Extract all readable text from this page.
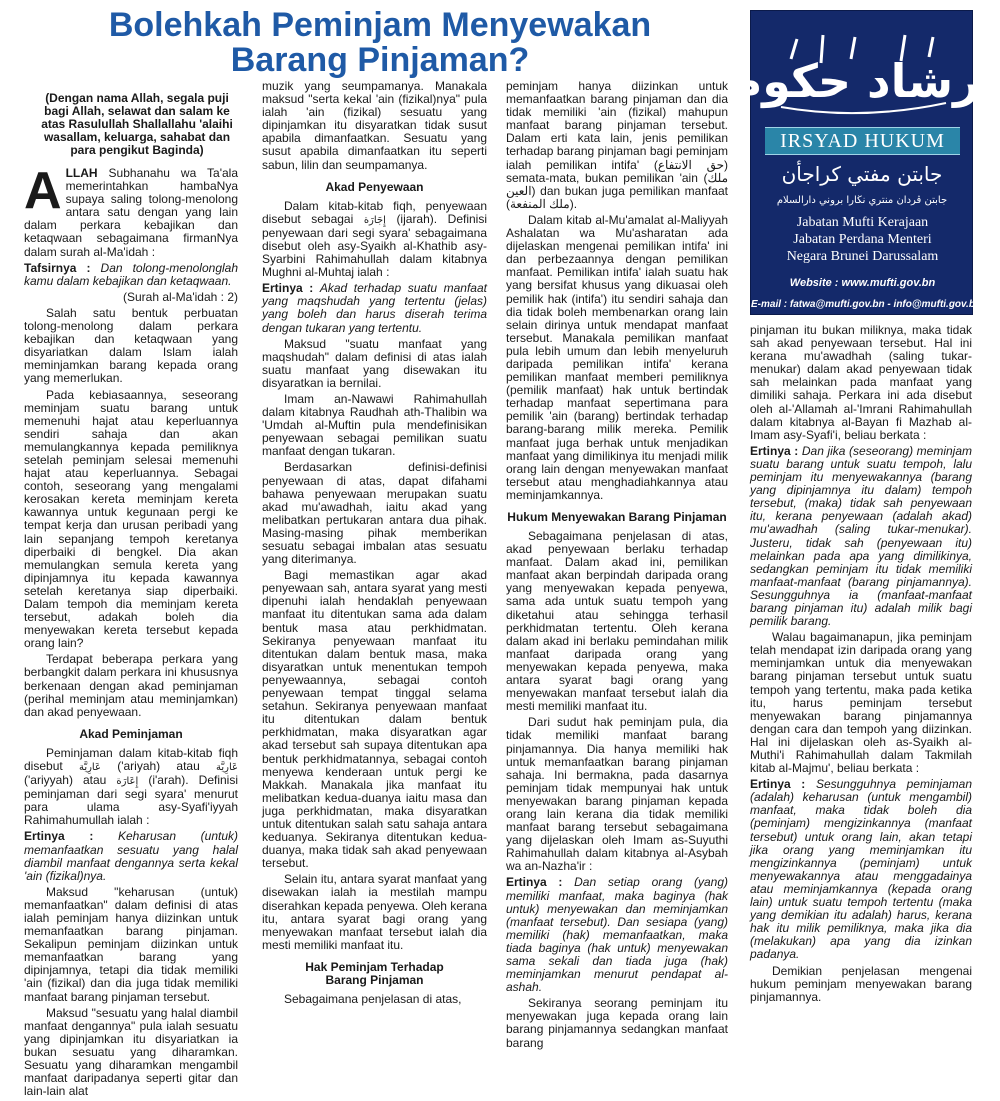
Bolehkah Peminjam Menyewakan
Barang Pinjaman?	ارشاد حكوم
IRSYAD HUKUM
جابتن مفتي كراجأن
جابتن ڤردان منتري نڬارا بروني دارالسلام
Jabatan Mufti Kerajaan
Jabatan Perdana Menteri
Negara Brunei Darussalam
Website : www.mufti.gov.bn
E-mail : fatwa@mufti.gov.bn - info@mufti.gov.bn

(Dengan nama Allah, segala puji bagi Allah, selawat dan salam ke atas Rasulullah Shallallahu 'alaihi wasallam, keluarga, sahabat dan para pengikut Baginda)

ALLAH Subhanahu wa Ta'ala memerintahkan hambaNya supaya saling tolong-menolong antara satu dengan yang lain dalam perkara kebajikan dan ketaqwaan sebagaimana firmanNya dalam surah al-Ma'idah :

Tafsirnya : Dan tolong-menolonglah kamu dalam kebajikan dan ketaqwaan.

(Surah al-Ma'idah : 2)

Salah satu bentuk perbuatan tolong-menolong dalam perkara kebajikan dan ketaqwaan yang disyariatkan dalam Islam ialah meminjamkan barang kepada orang yang memerlukan.

Pada kebiasaannya, seseorang meminjam suatu barang untuk memenuhi hajat atau keperluannya sendiri sahaja dan akan memulangkannya kepada pemiliknya setelah peminjam selesai memenuhi hajat atau keperluannya. Sebagai contoh, seseorang yang mengalami kerosakan kereta meminjam kereta kawannya untuk kegunaan pergi ke tempat kerja dan urusan peribadi yang lain sepanjang tempoh keretanya diperbaiki di bengkel. Dia akan memulangkan semula kereta yang dipinjamnya itu kepada kawannya setelah keretanya siap diperbaiki. Dalam tempoh dia meminjam kereta tersebut, adakah boleh dia menyewakan kereta tersebut kepada orang lain?

Terdapat beberapa perkara yang berbangkit dalam perkara ini khususnya berkenaan dengan akad peminjaman (perihal meminjam atau meminjamkan) dan akad penyewaan.

Akad Peminjaman

Peminjaman dalam kitab-kitab fiqh disebut عَارِيَّة ('ariyah) atau عَارِيَّة ('ariyyah) atau إِعَارَة (i'arah). Definisi peminjaman dari segi syara' menurut para ulama asy-Syafi'iyyah Rahimahumullah ialah :

Ertinya : Keharusan (untuk) memanfaatkan sesuatu yang halal diambil manfaat dengannya serta kekal 'ain (fizikal)nya.

Maksud "keharusan (untuk) memanfaatkan" dalam definisi di atas ialah peminjam hanya diizinkan untuk memanfaatkan barang pinjaman. Sekalipun peminjam diizinkan untuk memanfaatkan barang yang dipinjamnya, tetapi dia tidak memiliki 'ain (fizikal) dan dia juga tidak memiliki manfaat barang pinjaman tersebut.

Maksud "sesuatu yang halal diambil manfaat dengannya" pula ialah sesuatu yang dipinjamkan itu disyariatkan ia bukan sesuatu yang diharamkan. Sesuatu yang diharamkan mengambil manfaat daripadanya seperti gitar dan lain-lain alat

muzik yang seumpamanya. Manakala maksud "serta kekal 'ain (fizikal)nya" pula ialah 'ain (fizikal) sesuatu yang dipinjamkan itu disyaratkan tidak susut apabila dimanfaatkan. Sesuatu yang susut apabila dimanfaatkan itu seperti sabun, lilin dan seumpamanya.

Akad Penyewaan

Dalam kitab-kitab fiqh, penyewaan disebut sebagai إِجَارَة (ijarah). Definisi penyewaan dari segi syara' sebagaimana disebut oleh asy-Syaikh al-Khathib asy-Syarbini Rahimahullah dalam kitabnya Mughni al-Muhtaj ialah :

Ertinya : Akad terhadap suatu manfaat yang maqshudah yang tertentu (jelas) yang boleh dan harus diserah terima dengan tukaran yang tertentu.

Maksud "suatu manfaat yang maqshudah" dalam definisi di atas ialah suatu manfaat yang disewakan itu disyaratkan ia bernilai.

Imam an-Nawawi Rahimahullah dalam kitabnya Raudhah ath-Thalibin wa 'Umdah al-Muftin pula mendefinisikan penyewaan sebagai pemilikan suatu manfaat dengan tukaran.

Berdasarkan definisi-definisi penyewaan di atas, dapat difahami bahawa penyewaan merupakan suatu akad mu'awadhah, iaitu akad yang melibatkan pertukaran antara dua pihak. Masing-masing pihak memberikan sesuatu sebagai imbalan atas sesuatu yang diterimanya.

Bagi memastikan agar akad penyewaan sah, antara syarat yang mesti dipenuhi ialah hendaklah penyewaan manfaat itu ditentukan sama ada dalam bentuk masa atau perkhidmatan. Sekiranya penyewaan manfaat itu ditentukan dalam bentuk masa, maka disyaratkan untuk menentukan tempoh penyewaannya, sebagai contoh penyewaan tempat tinggal selama setahun. Sekiranya penyewaan manfaat itu ditentukan dalam bentuk perkhidmatan, maka disyaratkan agar akad tersebut sah supaya ditentukan apa bentuk perkhidmatannya, sebagai contoh menyewa kenderaan untuk pergi ke Makkah. Manakala jika manfaat itu melibatkan kedua-duanya iaitu masa dan juga perkhidmatan, maka disyaratkan untuk ditentukan salah satu sahaja antara keduanya. Sekiranya ditentukan kedua-duanya, maka tidak sah akad penyewaan tersebut.

Selain itu, antara syarat manfaat yang disewakan ialah ia mestilah mampu diserahkan kepada penyewa. Oleh kerana itu, antara syarat bagi orang yang menyewakan manfaat tersebut ialah dia mesti memiliki manfaat itu.

Hak Peminjam Terhadap
Barang Pinjaman

Sebagaimana penjelasan di atas,

peminjam hanya diizinkan untuk memanfaatkan barang pinjaman dan dia tidak memiliki 'ain (fizikal) mahupun manfaat barang pinjaman tersebut. Dalam erti kata lain, jenis pemilikan terhadap barang pinjaman bagi peminjam ialah pemilikan intifa' (حق الانتفاع) semata-mata, bukan pemilikan 'ain (ملك العين) dan bukan juga pemilikan manfaat (ملك المنفعة).

Dalam kitab al-Mu'amalat al-Maliyyah Ashalatan wa Mu'asharatan ada dijelaskan mengenai pemilikan intifa' ini dan perbezaannya dengan pemilikan manfaat. Pemilikan intifa' ialah suatu hak yang bersifat khusus yang dikuasai oleh pemilik hak (intifa') itu sendiri sahaja dan dia tidak boleh membenarkan orang lain selain dirinya untuk mendapat manfaat tersebut. Manakala pemilikan manfaat pula lebih umum dan lebih menyeluruh daripada pemilikan intifa' kerana pemilikan manfaat memberi pemiliknya (pemilik manfaat) hak untuk bertindak terhadap manfaat sepertimana para pemilik 'ain (barang) bertindak terhadap barang-barang milik mereka. Pemilik manfaat juga berhak untuk menjadikan manfaat yang dimilikinya itu menjadi milik orang lain dengan menyewakan manfaat tersebut atau menghadiahkannya atau meminjamkannya.

Hukum Menyewakan Barang Pinjaman

Sebagaimana penjelasan di atas, akad penyewaan berlaku terhadap manfaat. Dalam akad ini, pemilikan manfaat akan berpindah daripada orang yang menyewakan kepada penyewa, sama ada untuk suatu tempoh yang diketahui atau sehingga terhasil perkhidmatan tertentu. Oleh kerana dalam akad ini berlaku pemindahan milik manfaat daripada orang yang menyewakan kepada penyewa, maka antara syarat bagi orang yang menyewakan manfaat tersebut ialah dia mesti memiliki manfaat itu.

Dari sudut hak peminjam pula, dia tidak memiliki manfaat barang pinjamannya. Dia hanya memiliki hak untuk memanfaatkan barang pinjaman sahaja. Ini bermakna, pada dasarnya peminjam tidak mempunyai hak untuk menyewakan barang pinjaman kepada orang lain kerana dia tidak memiliki manfaat barang tersebut sebagaimana yang dijelaskan oleh Imam as-Suyuthi Rahimahullah dalam kitabnya al-Asybah wa an-Nazha'ir :

Ertinya : Dan setiap orang (yang) memiliki manfaat, maka baginya (hak untuk) menyewakan dan meminjamkan (manfaat tersebut). Dan sesiapa (yang) memiliki (hak) memanfaatkan, maka tiada baginya (hak untuk) menyewakan sama sekali dan tiada juga (hak) meminjamkan menurut pendapat al-ashah.

Sekiranya seorang peminjam itu menyewakan juga kepada orang lain barang pinjamannya sedangkan manfaat barang

pinjaman itu bukan miliknya, maka tidak sah akad penyewaan tersebut. Hal ini kerana mu'awadhah (saling tukar-menukar) dalam akad penyewaan tidak sah melainkan pada manfaat yang dimiliki sahaja. Perkara ini ada disebut oleh al-'Allamah al-'Imrani Rahimahullah dalam kitabnya al-Bayan fi Mazhab al-Imam asy-Syafi'i, beliau berkata :

Ertinya : Dan jika (seseorang) meminjam suatu barang untuk suatu tempoh, lalu peminjam itu menyewakannya (barang yang dipinjamnya itu dalam) tempoh tersebut, (maka) tidak sah penyewaan itu, kerana penyewaan (adalah akad) mu'awadhah (saling tukar-menukar). Justeru, tidak sah (penyewaan itu) melainkan pada apa yang dimilikinya, sedangkan peminjam itu tidak memiliki manfaat-manfaat (barang pinjamannya). Sesungguhnya ia (manfaat-manfaat barang pinjaman itu) adalah milik bagi pemilik barang.

Walau bagaimanapun, jika peminjam telah mendapat izin daripada orang yang meminjamkan untuk dia menyewakan barang pinjaman tersebut untuk suatu tempoh yang tertentu, maka pada ketika itu, harus peminjam tersebut menyewakan barang pinjamannya dengan cara dan tempoh yang diizinkan. Hal ini dijelaskan oleh as-Syaikh al-Muthi'i Rahimahullah dalam Takmilah kitab al-Majmu', beliau berkata :

Ertinya : Sesungguhnya peminjaman (adalah) keharusan (untuk mengambil) manfaat, maka tidak boleh dia (peminjam) mengizinkannya (manfaat tersebut) untuk orang lain, akan tetapi jika orang yang meminjamkan itu mengizinkannya (peminjam) untuk menyewakannya atau menggadainya atau meminjamkannya (kepada orang lain) untuk suatu tempoh tertentu (maka yang demikian itu adalah) harus, kerana hak itu milik pemiliknya, maka jika dia (melakukan) apa yang dia izinkan padanya.

Demikian penjelasan mengenai hukum peminjam menyewakan barang pinjamannya.
